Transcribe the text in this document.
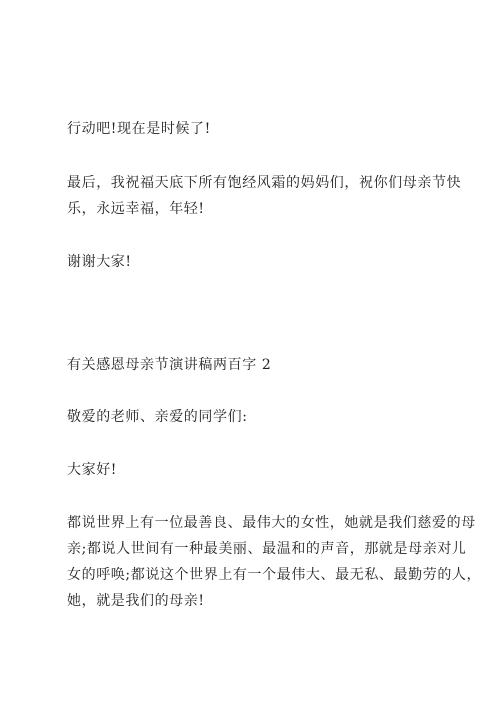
行动吧!现在是时候了!

最后，我祝福天底下所有饱经风霜的妈妈们，祝你们母亲节快

乐，永远幸福，年轻!

谢谢大家!

有关感恩母亲节演讲稿两百字 2

敬爱的老师、亲爱的同学们:

大家好!

都说世界上有一位最善良、最伟大的女性，她就是我们慈爱的母

亲;都说人世间有一种最美丽、最温和的声音，那就是母亲对儿

女的呼唤;都说这个世界上有一个最伟大、最无私、最勤劳的人，

她，就是我们的母亲!
